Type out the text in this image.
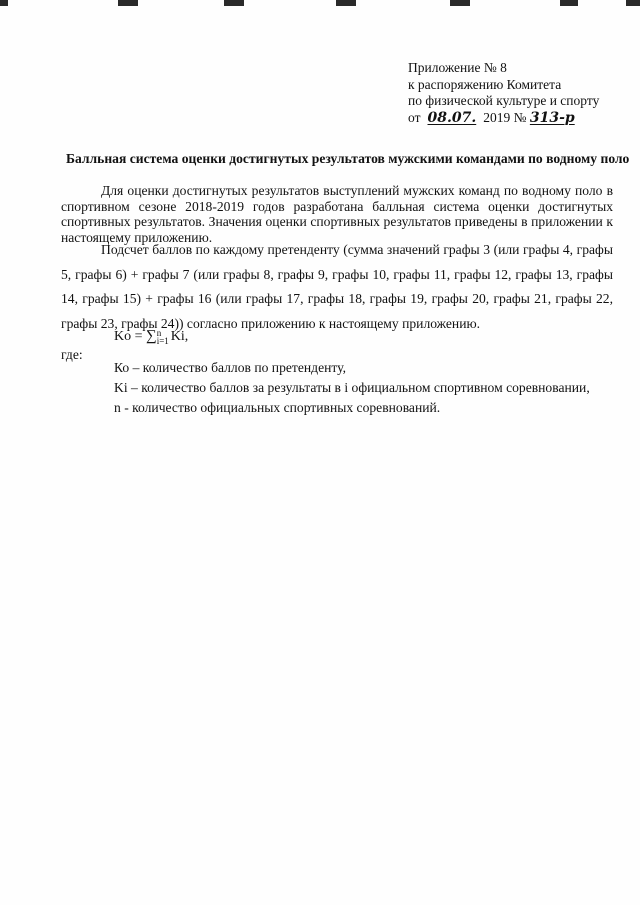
Приложение № 8
к распоряжению Комитета
по физической культуре и спорту
от 08.07. 2019 № 313-р
Балльная система оценки достигнутых результатов мужскими командами по водному поло

Для оценки достигнутых результатов выступлений мужских команд по водному поло в спортивном сезоне 2018-2019 годов разработана балльная система оценки достигнутых спортивных результатов. Значения оценки спортивных результатов приведены в приложении к настоящему приложению.

Подсчет баллов по каждому претенденту (сумма значений графы 3 (или графы 4, графы 5, графы 6) + графы 7 (или графы 8, графы 9, графы 10, графы 11, графы 12, графы 13, графы 14, графы 15) + графы 16 (или графы 17, графы 18, графы 19, графы 20, графы 21, графы 22, графы 23, графы 24)) согласно приложению к настоящему приложению.

Ko = ∑ n
i=1 Ki,
где:
Ко – количество баллов по претенденту,
Ki – количество баллов за результаты в i официальном спортивном соревновании,
n - количество официальных спортивных соревнований.
